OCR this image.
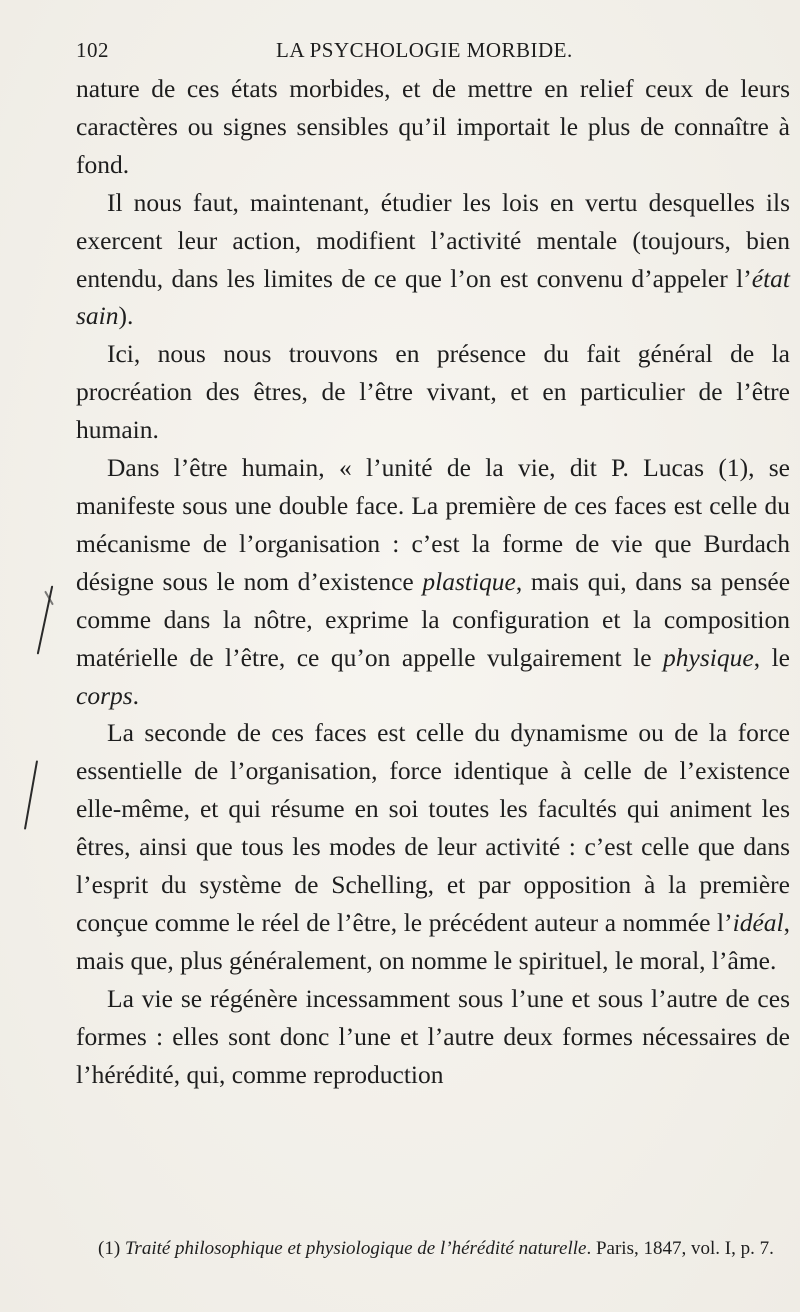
102	LA PSYCHOLOGIE MORBIDE.

nature de ces états morbides, et de mettre en relief ceux de leurs caractères ou signes sensibles qu’il importait le plus de connaître à fond.

Il nous faut, maintenant, étudier les lois en vertu desquelles ils exercent leur action, modifient l’activité mentale (toujours, bien entendu, dans les limites de ce que l’on est convenu d’appeler l’état sain).

Ici, nous nous trouvons en présence du fait général de la procréation des êtres, de l’être vivant, et en particulier de l’être humain.

Dans l’être humain, « l’unité de la vie, dit P. Lucas (1), se manifeste sous une double face. La première de ces faces est celle du mécanisme de l’organisation : c’est la forme de vie que Burdach désigne sous le nom d’existence plastique, mais qui, dans sa pensée comme dans la nôtre, exprime la configuration et la composition matérielle de l’être, ce qu’on appelle vulgairement le physique, le corps.

La seconde de ces faces est celle du dynamisme ou de la force essentielle de l’organisation, force identique à celle de l’existence elle-même, et qui résume en soi toutes les facultés qui animent les êtres, ainsi que tous les modes de leur activité : c’est celle que dans l’esprit du système de Schelling, et par opposition à la première conçue comme le réel de l’être, le précédent auteur a nommée l’idéal, mais que, plus généralement, on nomme le spirituel, le moral, l’âme.

La vie se régénère incessamment sous l’une et sous l’autre de ces formes : elles sont donc l’une et l’autre deux formes nécessaires de l’hérédité, qui, comme reproduction

(1) Traité philosophique et physiologique de l’hérédité naturelle. Paris, 1847, vol. I, p. 7.
